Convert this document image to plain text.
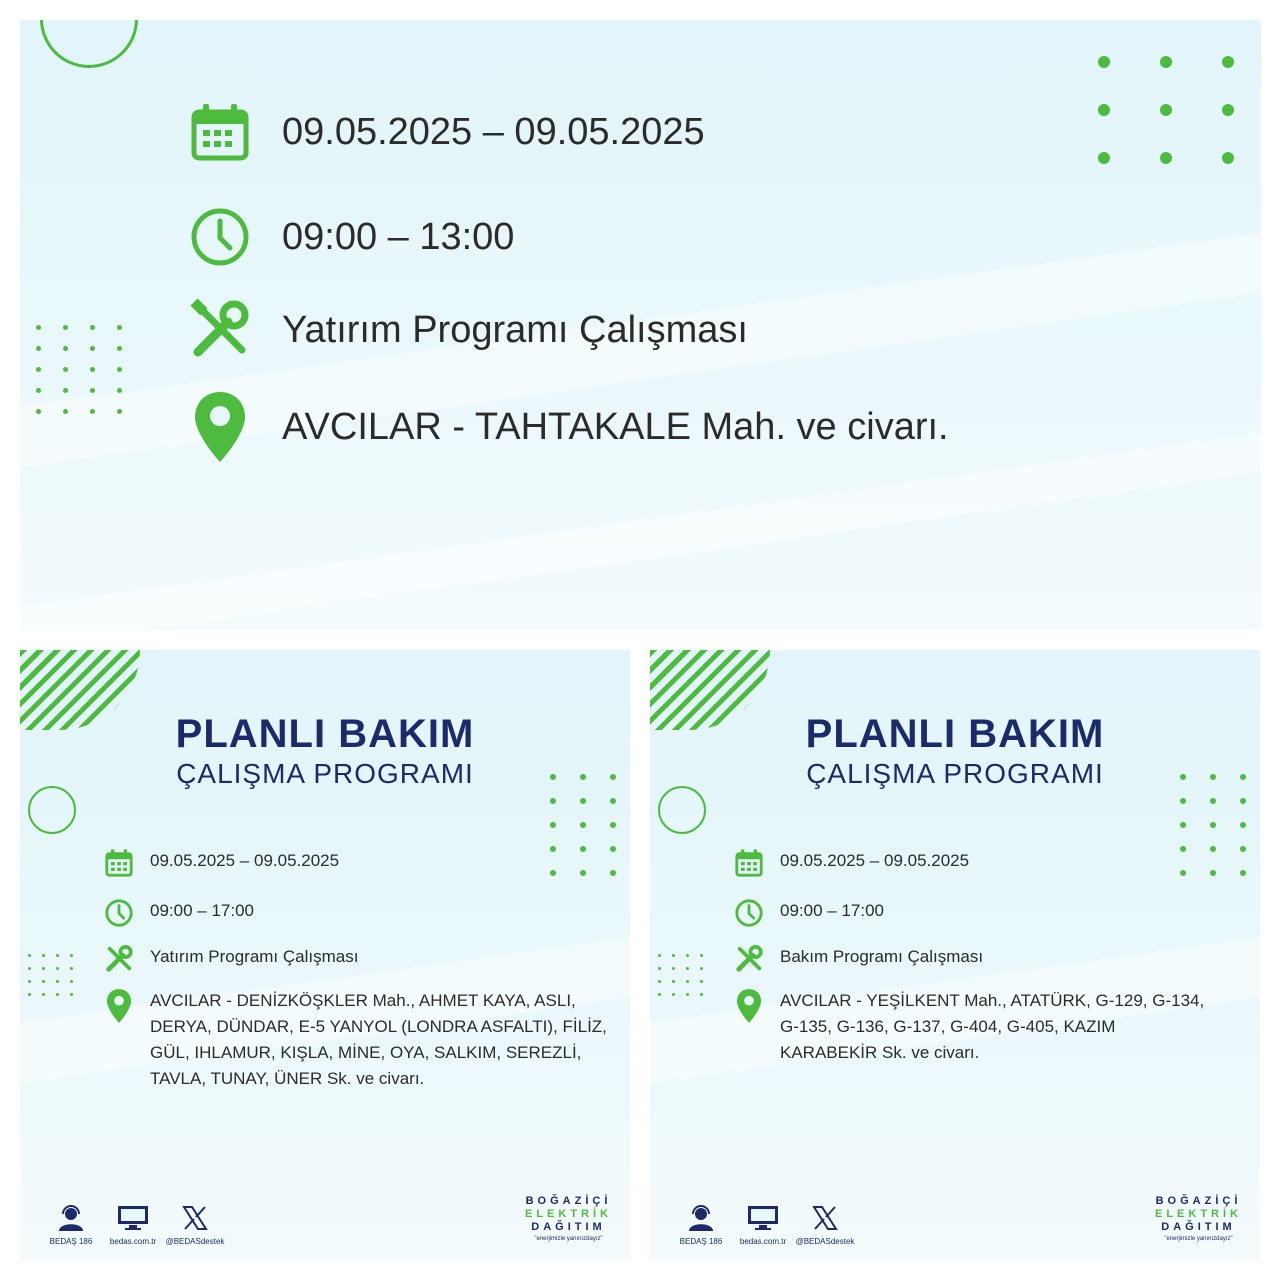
09.05.2025 – 09.05.2025
09:00 – 13:00
Yatırım Programı Çalışması
AVCILAR - TAHTAKALE Mah. ve civarı.
PLANLI BAKIM
ÇALIŞMA PROGRAMI
09.05.2025 – 09.05.2025
09:00 – 17:00
Yatırım Programı Çalışması
AVCILAR - DENİZKÖŞKLER Mah., AHMET KAYA, ASLI, DERYA, DÜNDAR, E-5 YANYOL (LONDRA ASFALTI), FİLİZ, GÜL, IHLAMUR, KIŞLA, MİNE, OYA, SALKIM, SEREZLİ, TAVLA, TUNAY, ÜNER Sk. ve civarı.
BEDAŞ 186 bedas.com.tr @BEDASdestek
BOĞAZİÇİ
ELEKTRİK
DAĞITIM
"enerjimizle yanınızdayız"
PLANLI BAKIM
ÇALIŞMA PROGRAMI
09.05.2025 – 09.05.2025
09:00 – 17:00
Bakım Programı Çalışması
AVCILAR - YEŞİLKENT Mah., ATATÜRK, G-129, G-134, G-135, G-136, G-137, G-404, G-405, KAZIM KARABEKİR Sk. ve civarı.
BEDAŞ 186 bedas.com.tr @BEDASdestek
BOĞAZİÇİ
ELEKTRİK
DAĞITIM
"enerjimizle yanınızdayız"
